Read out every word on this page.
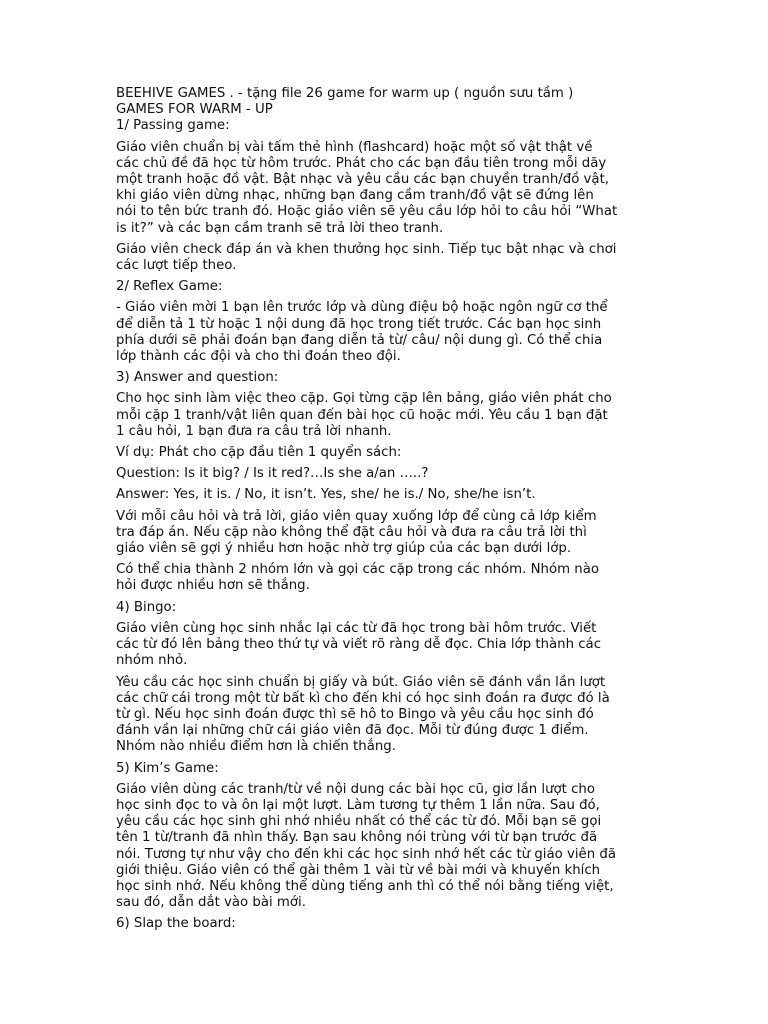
BEEHIVE GAMES . - tặng file 26 game for warm up ( nguồn sưu tầm )
GAMES FOR WARM - UP
1/ Passing game:
Giáo viên chuẩn bị vài tấm thẻ hình (flashcard) hoặc một số vật thật về
các chủ đề đã học từ hôm trước. Phát cho các bạn đầu tiên trong mỗi dãy
một tranh hoặc đồ vật. Bật nhạc và yêu cầu các bạn chuyền tranh/đồ vật,
khi giáo viên dừng nhạc, những bạn đang cầm tranh/đồ vật sẽ đứng lên
nói to tên bức tranh đó. Hoặc giáo viên sẽ yêu cầu lớp hỏi to câu hỏi “What
is it?” và các bạn cầm tranh sẽ trả lời theo tranh.
Giáo viên check đáp án và khen thưởng học sinh. Tiếp tục bật nhạc và chơi
các lượt tiếp theo.
2/ Reflex Game:
- Giáo viên mời 1 bạn lên trước lớp và dùng điệu bộ hoặc ngôn ngữ cơ thể
để diễn tả 1 từ hoặc 1 nội dung đã học trong tiết trước. Các bạn học sinh
phía dưới sẽ phải đoán bạn đang diễn tả từ/ câu/ nội dung gì. Có thể chia
lớp thành các đội và cho thi đoán theo đội.
3) Answer and question:
Cho học sinh làm việc theo cặp. Gọi từng cặp lên bảng, giáo viên phát cho
mỗi cặp 1 tranh/vật liên quan đến bài học cũ hoặc mới. Yêu cầu 1 bạn đặt
1 câu hỏi, 1 bạn đưa ra câu trả lời nhanh.
Ví dụ: Phát cho cặp đầu tiên 1 quyển sách:
Question: Is it big? / Is it red?…Is she a/an …..?
Answer: Yes, it is. / No, it isn’t. Yes, she/ he is./ No, she/he isn’t.
Với mỗi câu hỏi và trả lời, giáo viên quay xuống lớp để cùng cả lớp kiểm
tra đáp án. Nếu cặp nào không thể đặt câu hỏi và đưa ra câu trả lời thì
giáo viên sẽ gợi ý nhiều hơn hoặc nhờ trợ giúp của các bạn dưới lớp.
Có thể chia thành 2 nhóm lớn và gọi các cặp trong các nhóm. Nhóm nào
hỏi được nhiều hơn sẽ thắng.
4) Bingo:
Giáo viên cùng học sinh nhắc lại các từ đã học trong bài hôm trước. Viết
các từ đó lên bảng theo thứ tự và viết rõ ràng dễ đọc. Chia lớp thành các
nhóm nhỏ.
Yêu cầu các học sinh chuẩn bị giấy và bút. Giáo viên sẽ đánh vần lần lượt
các chữ cái trong một từ bất kì cho đến khi có học sinh đoán ra được đó là
từ gì. Nếu học sinh đoán được thì sẽ hô to Bingo và yêu cầu học sinh đó
đánh vần lại những chữ cái giáo viên đã đọc. Mỗi từ đúng được 1 điểm.
Nhóm nào nhiều điểm hơn là chiến thắng.
5) Kim’s Game:
Giáo viên dùng các tranh/từ về nội dung các bài học cũ, giơ lần lượt cho
học sinh đọc to và ôn lại một lượt. Làm tương tự thêm 1 lần nữa. Sau đó,
yêu cầu các học sinh ghi nhớ nhiều nhất có thể các từ đó. Mỗi bạn sẽ gọi
tên 1 từ/tranh đã nhìn thấy. Bạn sau không nói trùng với từ bạn trước đã
nói. Tương tự như vậy cho đến khi các học sinh nhớ hết các từ giáo viên đã
giới thiệu. Giáo viên có thể gài thêm 1 vài từ về bài mới và khuyến khích
học sinh nhớ. Nếu không thể dùng tiếng anh thì có thể nói bằng tiếng việt,
sau đó, dẫn dắt vào bài mới.
6) Slap the board:
